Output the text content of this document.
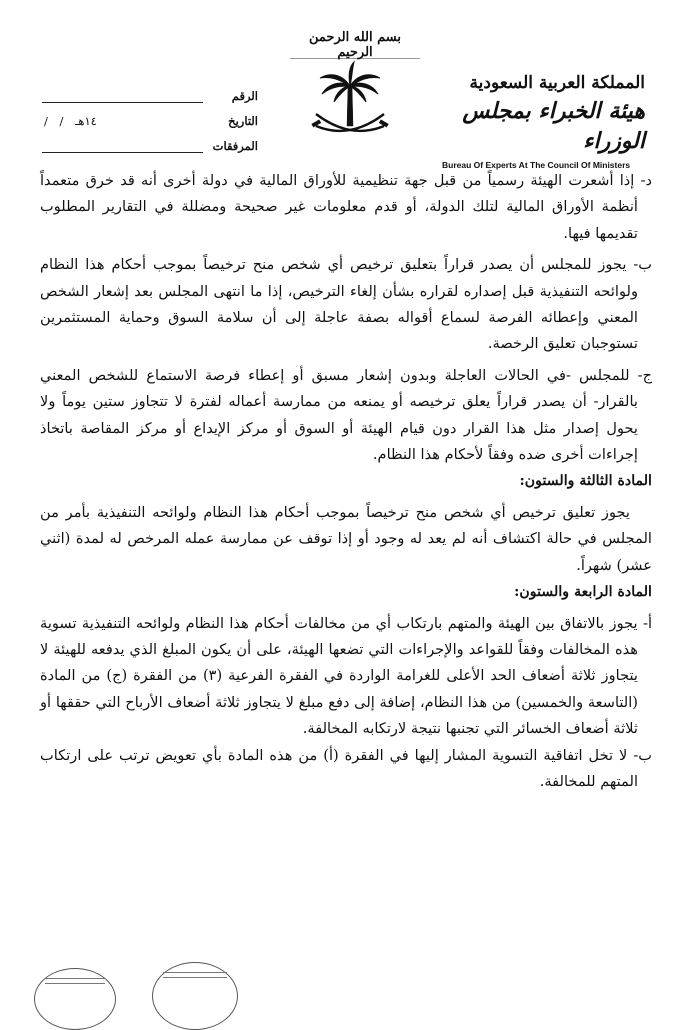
بسم الله الرحمن الرحيم
المملكة العربية السعودية
هيئة الخبراء بمجلس الوزراء
Bureau Of Experts At The Council Of Ministers
الرقم
التاريخ
/ / ١٤هـ
المرفقات

د- إذا أشعرت الهيئة رسمياً من قبل جهة تنظيمية للأوراق المالية في دولة أخرى أنه قد خرق متعمداً أنظمة الأوراق المالية لتلك الدولة، أو قدم معلومات غير صحيحة ومضللة في التقارير المطلوب تقديمها فيها.

ب- يجوز للمجلس أن يصدر قراراً بتعليق ترخيص أي شخص منح ترخيصاً بموجب أحكام هذا النظام ولوائحه التنفيذية قبل إصداره لقراره بشأن إلغاء الترخيص، إذا ما انتهى المجلس بعد إشعار الشخص المعني وإعطائه الفرصة لسماع أقواله بصفة عاجلة إلى أن سلامة السوق وحماية المستثمرين تستوجبان تعليق الرخصة.

ج- للمجلس -في الحالات العاجلة وبدون إشعار مسبق أو إعطاء فرصة الاستماع للشخص المعني بالقرار- أن يصدر قراراً يعلق ترخيصه أو يمنعه من ممارسة أعماله لفترة لا تتجاوز ستين يوماً ولا يحول إصدار مثل هذا القرار دون قيام الهيئة أو السوق أو مركز الإيداع أو مركز المقاصة باتخاذ إجراءات أخرى ضده وفقاً لأحكام هذا النظام.

المادة الثالثة والستون:

يجوز تعليق ترخيص أي شخص منح ترخيصاً بموجب أحكام هذا النظام ولوائحه التنفيذية بأمر من المجلس في حالة اكتشاف أنه لم يعد له وجود أو إذا توقف عن ممارسة عمله المرخص له لمدة (اثني عشر) شهراً.

المادة الرابعة والستون:

أ- يجوز بالاتفاق بين الهيئة والمتهم بارتكاب أي من مخالفات أحكام هذا النظام ولوائحه التنفيذية تسوية هذه المخالفات وفقاً للقواعد والإجراءات التي تضعها الهيئة، على أن يكون المبلغ الذي يدفعه للهيئة لا يتجاوز ثلاثة أضعاف الحد الأعلى للغرامة الواردة في الفقرة الفرعية (٣) من الفقرة (ج) من المادة (التاسعة والخمسين) من هذا النظام، إضافة إلى دفع مبلغ لا يتجاوز ثلاثة أضعاف الأرباح التي حققها أو ثلاثة أضعاف الخسائر التي تجنبها نتيجة لارتكابه المخالفة.

ب- لا تخل اتفاقية التسوية المشار إليها في الفقرة (أ) من هذه المادة بأي تعويض ترتب على ارتكاب المتهم للمخالفة.
